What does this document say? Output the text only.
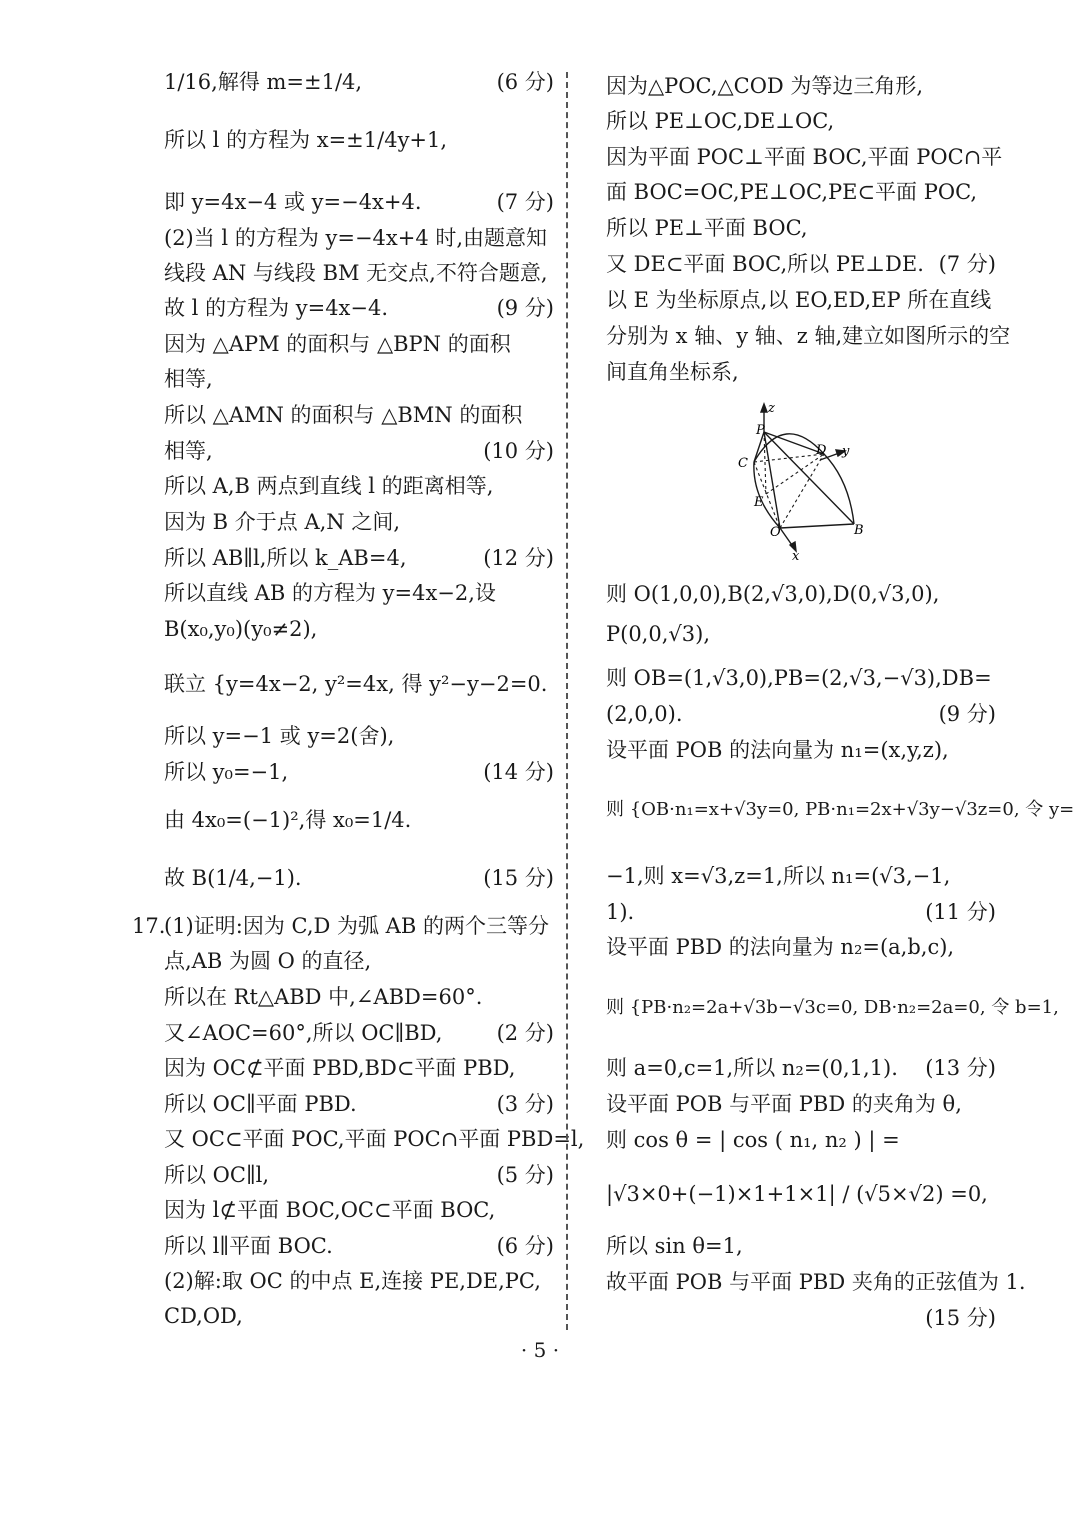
1/16,解得 m=±1/4,	(6 分)
所以 l 的方程为 x=±1/4y+1,
即 y=4x−4 或 y=−4x+4.	(7 分)
(2)当 l 的方程为 y=−4x+4 时,由题意知
线段 AN 与线段 BM 无交点,不符合题意,
故 l 的方程为 y=4x−4.	(9 分)
因为 △APM 的面积与 △BPN 的面积
相等,
所以 △AMN 的面积与 △BMN 的面积
相等,	(10 分)
所以 A,B 两点到直线 l 的距离相等,
因为 B 介于点 A,N 之间,
所以 AB∥l,所以 k_AB=4,	(12 分)
所以直线 AB 的方程为 y=4x−2,设
B(x₀,y₀)(y₀≠2),
联立 {y=4x−2, y²=4x, 得 y²−y−2=0.
所以 y=−1 或 y=2(舍),
所以 y₀=−1,	(14 分)
由 4x₀=(−1)²,得 x₀=1/4.
故 B(1/4,−1).	(15 分)
17.
(1)证明:因为 C,D 为弧 AB 的两个三等分
点,AB 为圆 O 的直径,
所以在 Rt△ABD 中,∠ABD=60°.
又∠AOC=60°,所以 OC∥BD,	(2 分)
因为 OC⊄平面 PBD,BD⊂平面 PBD,
所以 OC∥平面 PBD.	(3 分)
又 OC⊂平面 POC,平面 POC∩平面 PBD=l,
所以 OC∥l,	(5 分)
因为 l⊄平面 BOC,OC⊂平面 BOC,
所以 l∥平面 BOC.	(6 分)
(2)解:取 OC 的中点 E,连接 PE,DE,PC,
CD,OD,
因为△POC,△COD 为等边三角形,
所以 PE⊥OC,DE⊥OC,
因为平面 POC⊥平面 BOC,平面 POC∩平
面 BOC=OC,PE⊥OC,PE⊂平面 POC,
所以 PE⊥平面 BOC,
又 DE⊂平面 BOC,所以 PE⊥DE. (7 分)
以 E 为坐标原点,以 EO,ED,EP 所在直线
分别为 x 轴、y 轴、z 轴,建立如图所示的空
间直角坐标系,
则 O(1,0,0),B(2,√3,0),D(0,√3,0),
P(0,0,√3),
则 OB=(1,√3,0),PB=(2,√3,−√3),DB=
(2,0,0).	(9 分)
设平面 POB 的法向量为 n₁=(x,y,z),
则 {OB·n₁=x+√3y=0, PB·n₁=2x+√3y−√3z=0, 令 y=
−1,则 x=√3,z=1,所以 n₁=(√3,−1,
1).	(11 分)
设平面 PBD 的法向量为 n₂=(a,b,c),
则 {PB·n₂=2a+√3b−√3c=0, DB·n₂=2a=0, 令 b=1,
则 a=0,c=1,所以 n₂=(0,1,1). (13 分)
设平面 POB 与平面 PBD 的夹角为 θ,
则 cos θ = | cos ( n₁, n₂ ) | =
|√3×0+(−1)×1+1×1| / (√5×√2) =0,
所以 sin θ=1,
故平面 POB 与平面 PBD 夹角的正弦值为 1.
(15 分)
z
P
C
D y
E
O	B
x
· 5 ·
